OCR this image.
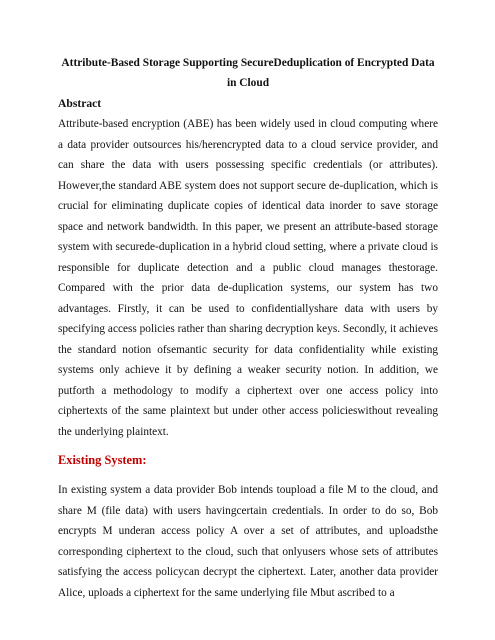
Attribute-Based Storage Supporting SecureDeduplication of Encrypted Data in Cloud
Abstract

Attribute-based encryption (ABE) has been widely used in cloud computing where a data provider outsources his/herencrypted data to a cloud service provider, and can share the data with users possessing specific credentials (or attributes). However,the standard ABE system does not support secure de-duplication, which is crucial for eliminating duplicate copies of identical data inorder to save storage space and network bandwidth. In this paper, we present an attribute-based storage system with securede-duplication in a hybrid cloud setting, where a private cloud is responsible for duplicate detection and a public cloud manages thestorage. Compared with the prior data de-duplication systems, our system has two advantages. Firstly, it can be used to confidentiallyshare data with users by specifying access policies rather than sharing decryption keys. Secondly, it achieves the standard notion ofsemantic security for data confidentiality while existing systems only achieve it by defining a weaker security notion. In addition, we putforth a methodology to modify a ciphertext over one access policy into ciphertexts of the same plaintext but under other access policieswithout revealing the underlying plaintext.

Existing System:

In existing system a data provider Bob intends toupload a file M to the cloud, and share M (file data) with users havingcertain credentials. In order to do so, Bob encrypts M underan access policy A over a set of attributes, and uploadsthe corresponding ciphertext to the cloud, such that onlyusers whose sets of attributes satisfying the access policycan decrypt the ciphertext. Later, another data provider Alice, uploads a ciphertext for the same underlying file Mbut ascribed to a
